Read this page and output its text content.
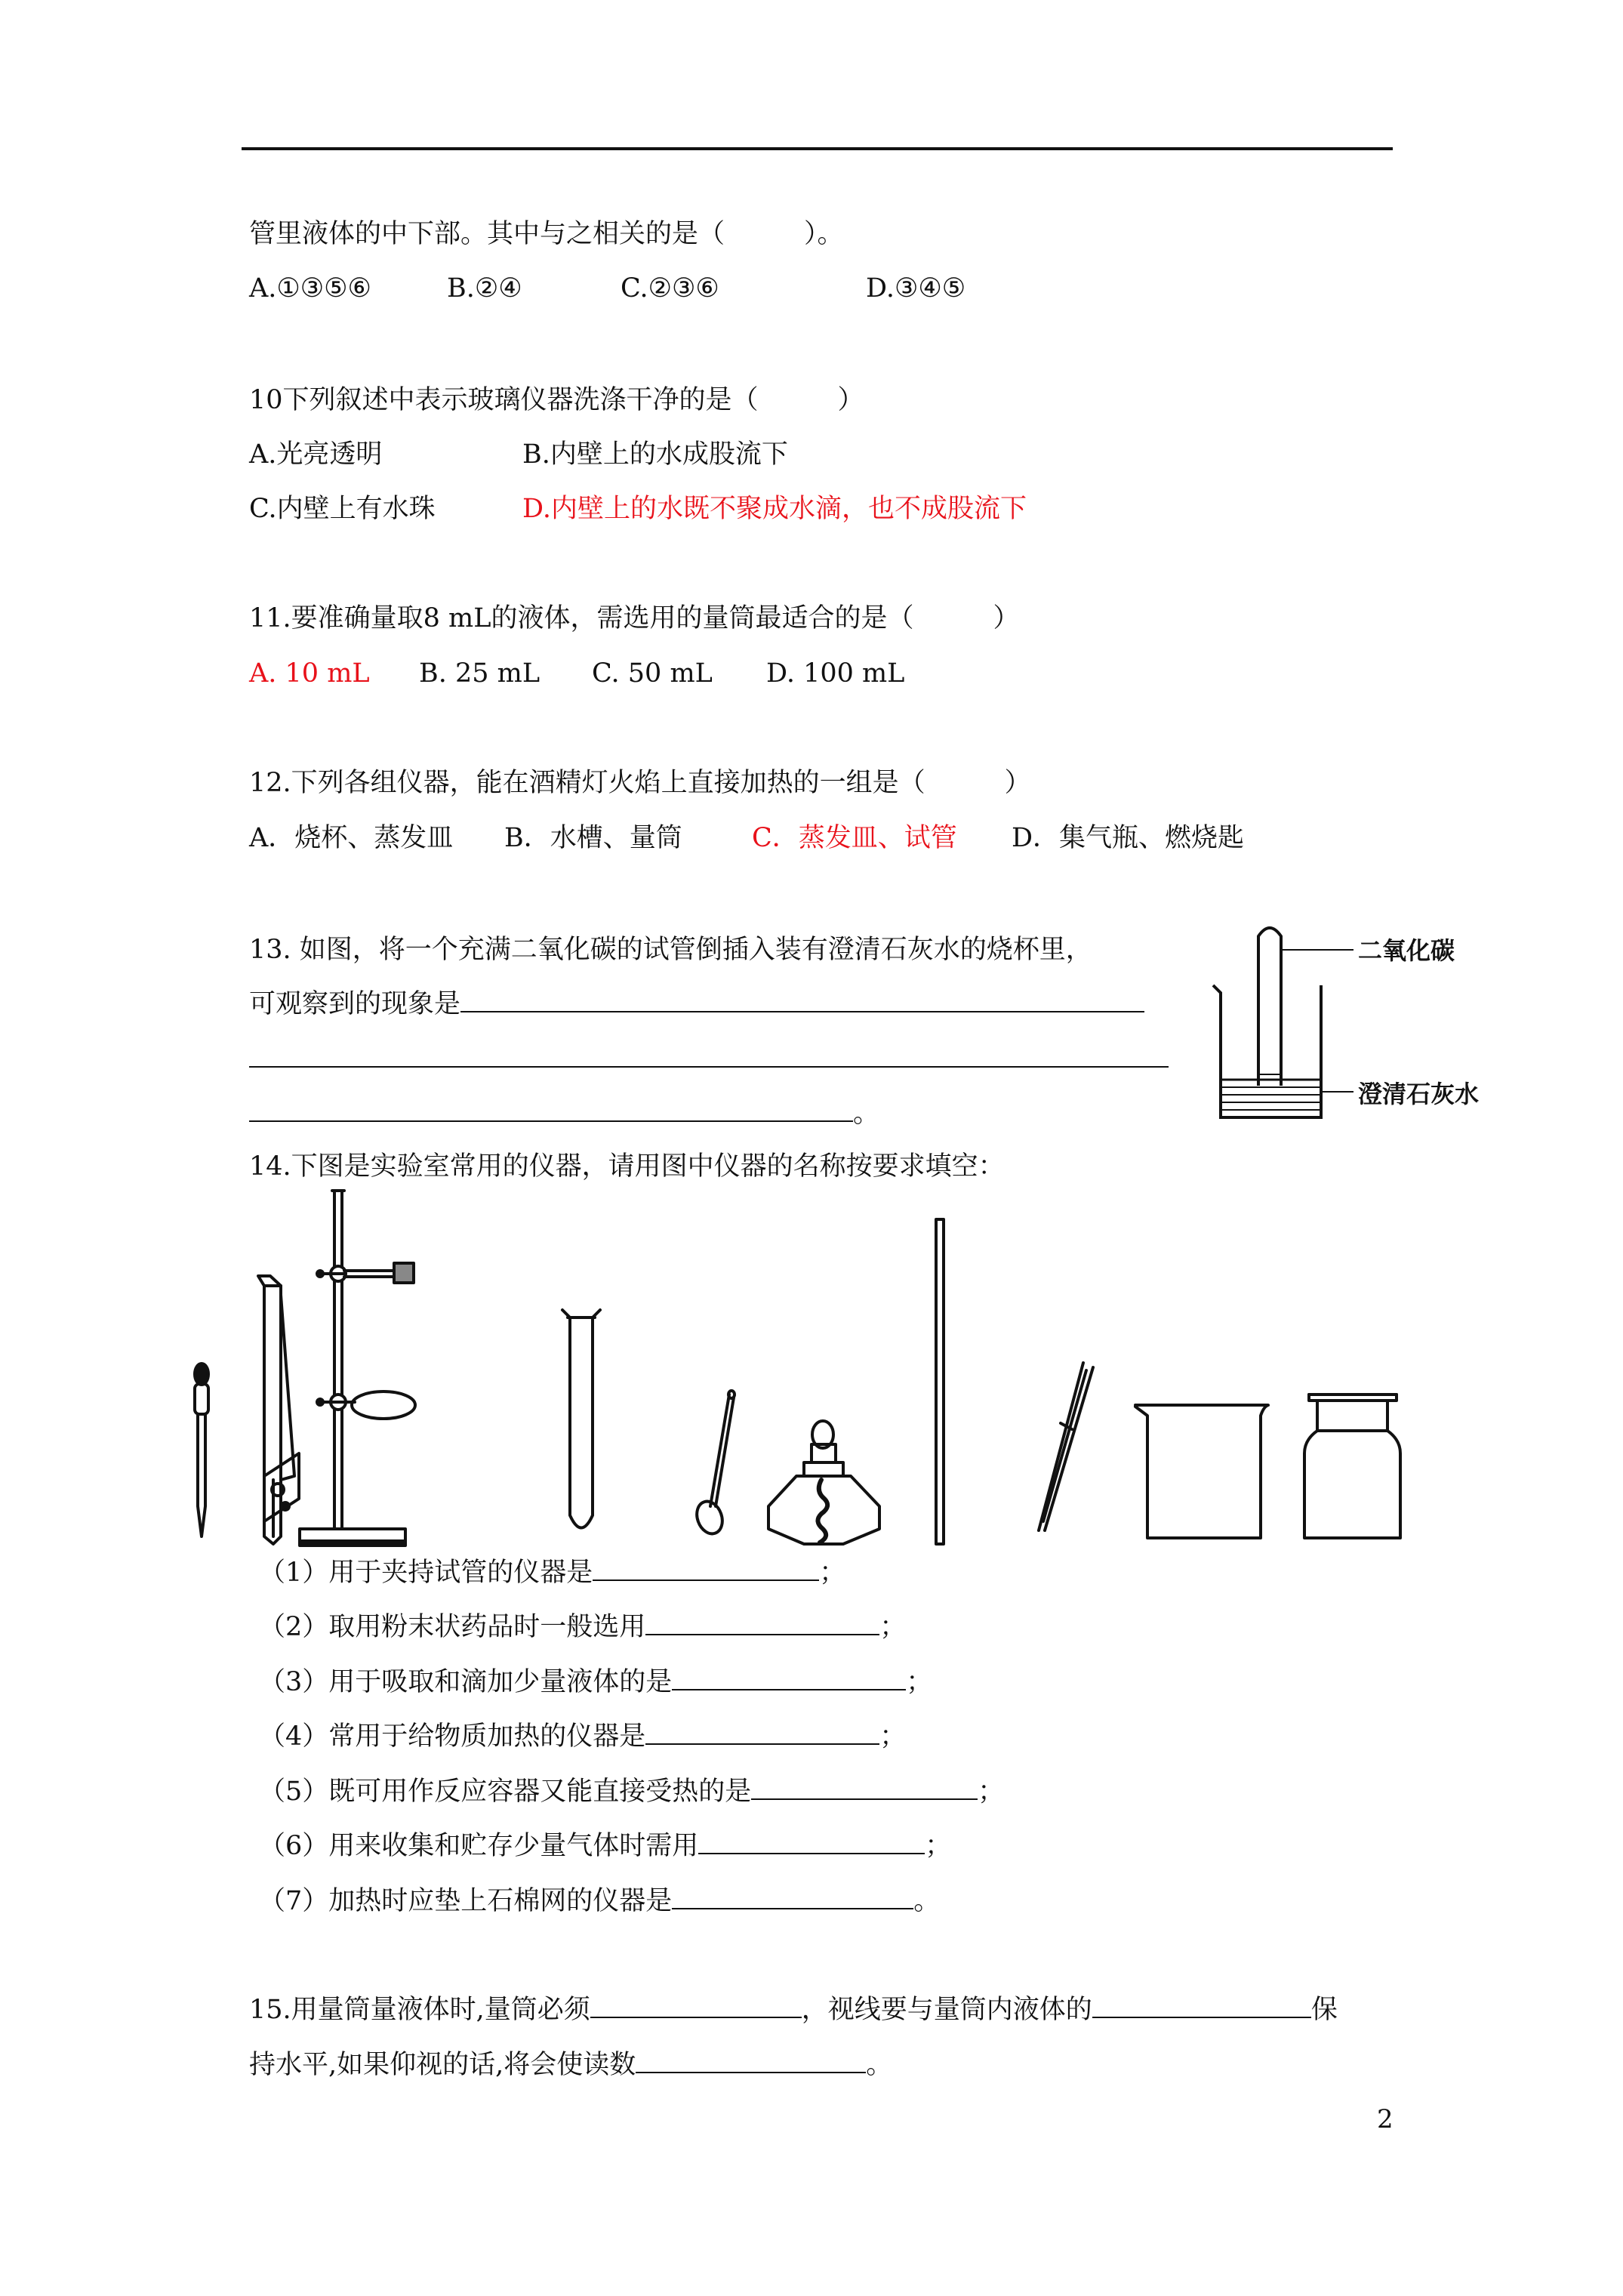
管里液体的中下部。其中与之相关的是（　　　）。
A.①③⑤⑥	B.②④	C.②③⑥	D.③④⑤
10下列叙述中表示玻璃仪器洗涤干净的是（　　　）
A.光亮透明	B.内壁上的水成股流下
C.内壁上有水珠	D.内壁上的水既不聚成水滴，也不成股流下
11.要准确量取8 mL的液体，需选用的量筒最适合的是（　　　）
A. 10 mL B. 25 mL C. 50 mL D. 100 mL
12.下列各组仪器，能在酒精灯火焰上直接加热的一组是（　　　）
A．烧杯、蒸发皿 B．水槽、量筒	C．蒸发皿、试管 D．集气瓶、燃烧匙
13. 如图，将一个充满二氧化碳的试管倒插入装有澄清石灰水的烧杯里，
可观察到的现象是
。
二氧化碳
澄清石灰水
14.下图是实验室常用的仪器，请用图中仪器的名称按要求填空：
（1）用于夹持试管的仪器是	；
（2）取用粉末状药品时一般选用	；
（3）用于吸取和滴加少量液体的是	；
（4）常用于给物质加热的仪器是	；
（5）既可用作反应容器又能直接受热的是	；
（6）用来收集和贮存少量气体时需用	；
（7）加热时应垫上石棉网的仪器是	。
15.用量筒量液体时,量筒必须	，视线要与量筒内液体的	保
持水平,如果仰视的话,将会使读数	。
2
